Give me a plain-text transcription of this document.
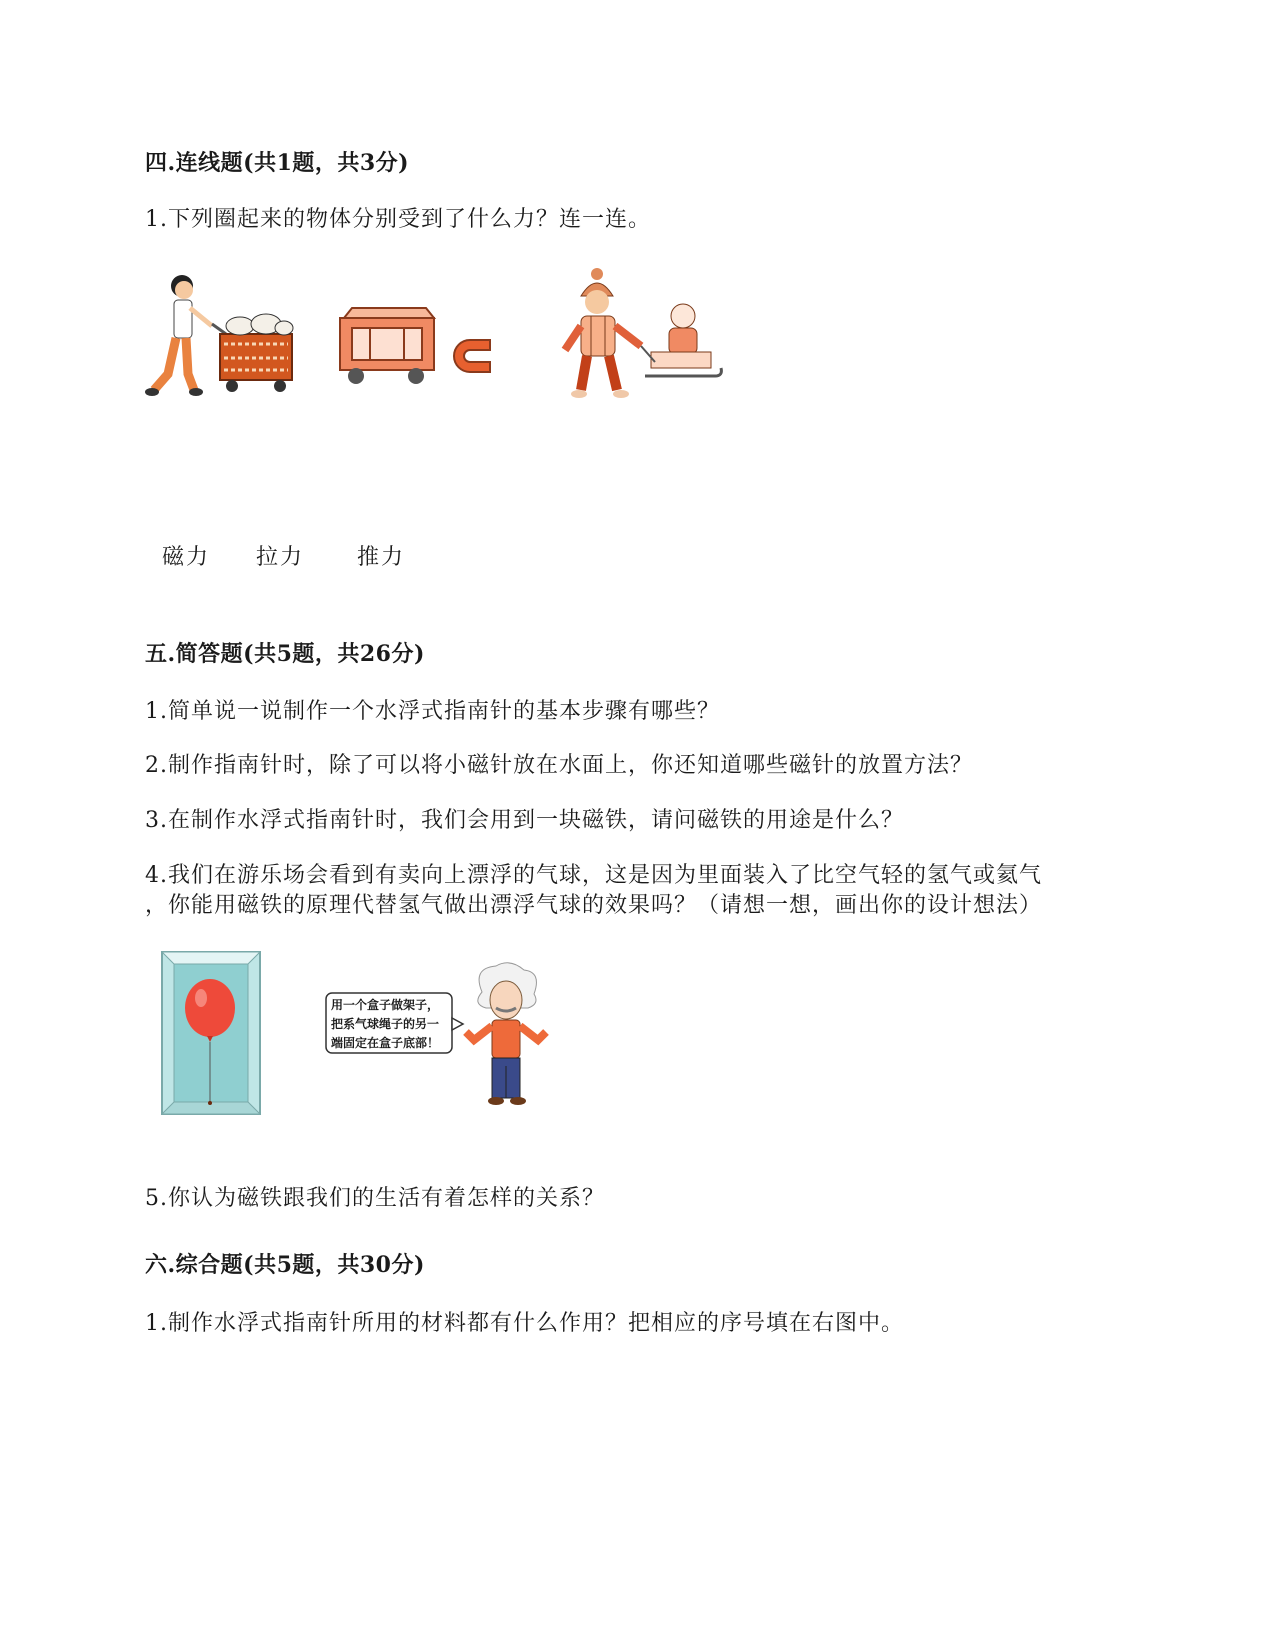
四.连线题(共1题，共3分)
1.下列圈起来的物体分别受到了什么力？连一连。
磁力 拉力 推力
五.简答题(共5题，共26分)
1.简单说一说制作一个水浮式指南针的基本步骤有哪些？
2.制作指南针时，除了可以将小磁针放在水面上，你还知道哪些磁针的放置方法？
3.在制作水浮式指南针时，我们会用到一块磁铁，请问磁铁的用途是什么？
4.我们在游乐场会看到有卖向上漂浮的气球，这是因为里面装入了比空气轻的氢气或氦气
，你能用磁铁的原理代替氢气做出漂浮气球的效果吗？（请想一想，画出你的设计想法）
用一个盒子做架子，
把系气球绳子的另一
端固定在盒子底部！
5.你认为磁铁跟我们的生活有着怎样的关系？
六.综合题(共5题，共30分)
1.制作水浮式指南针所用的材料都有什么作用？把相应的序号填在右图中。
